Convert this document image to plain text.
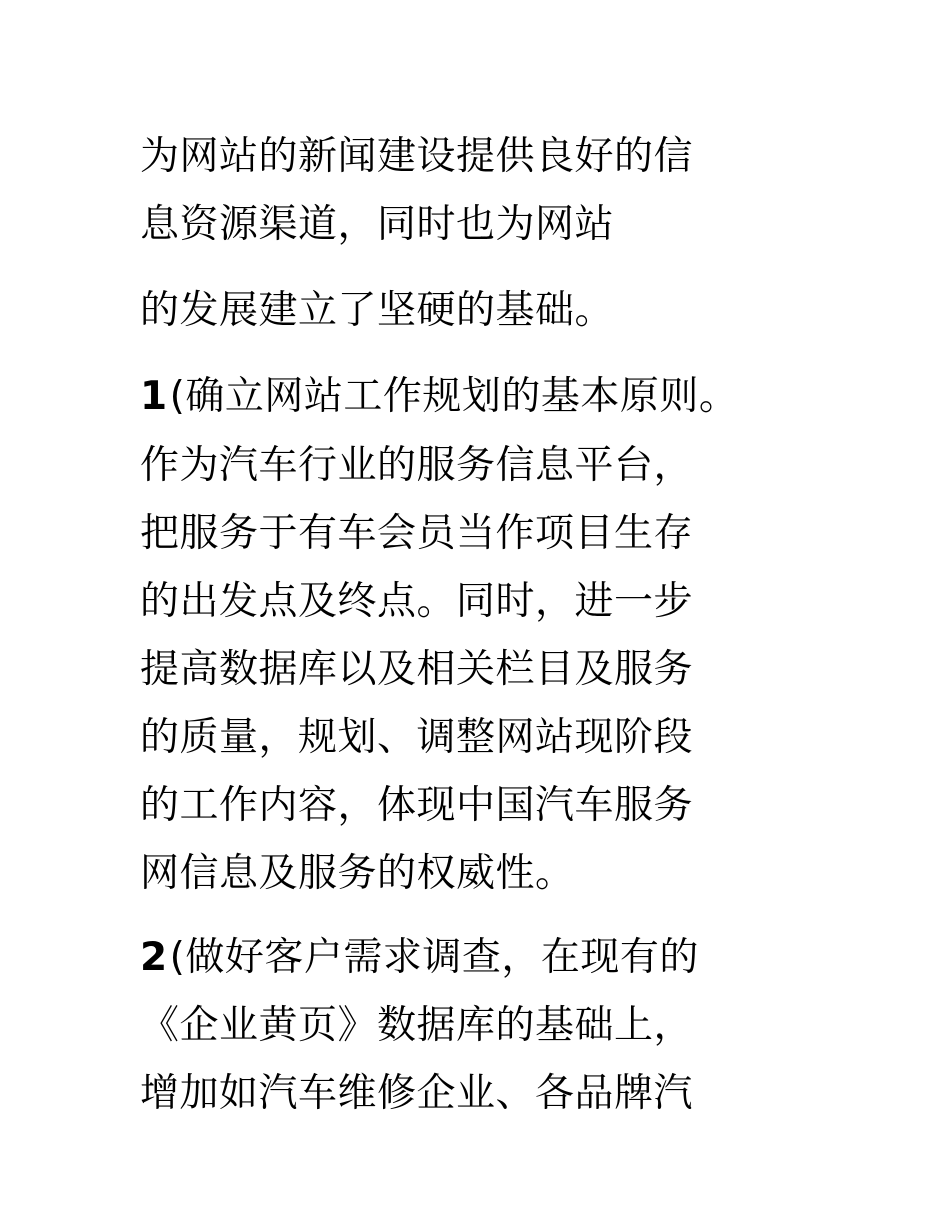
为网站的新闻建设提供良好的信

息资源渠道，同时也为网站

的发展建立了坚硬的基础。

1(确立网站工作规划的基本原则。

作为汽车行业的服务信息平台，

把服务于有车会员当作项目生存

的出发点及终点。同时，进一步

提高数据库以及相关栏目及服务

的质量，规划、调整网站现阶段

的工作内容，体现中国汽车服务

网信息及服务的权威性。

2(做好客户需求调查，在现有的

《企业黄页》数据库的基础上，

增加如汽车维修企业、各品牌汽
